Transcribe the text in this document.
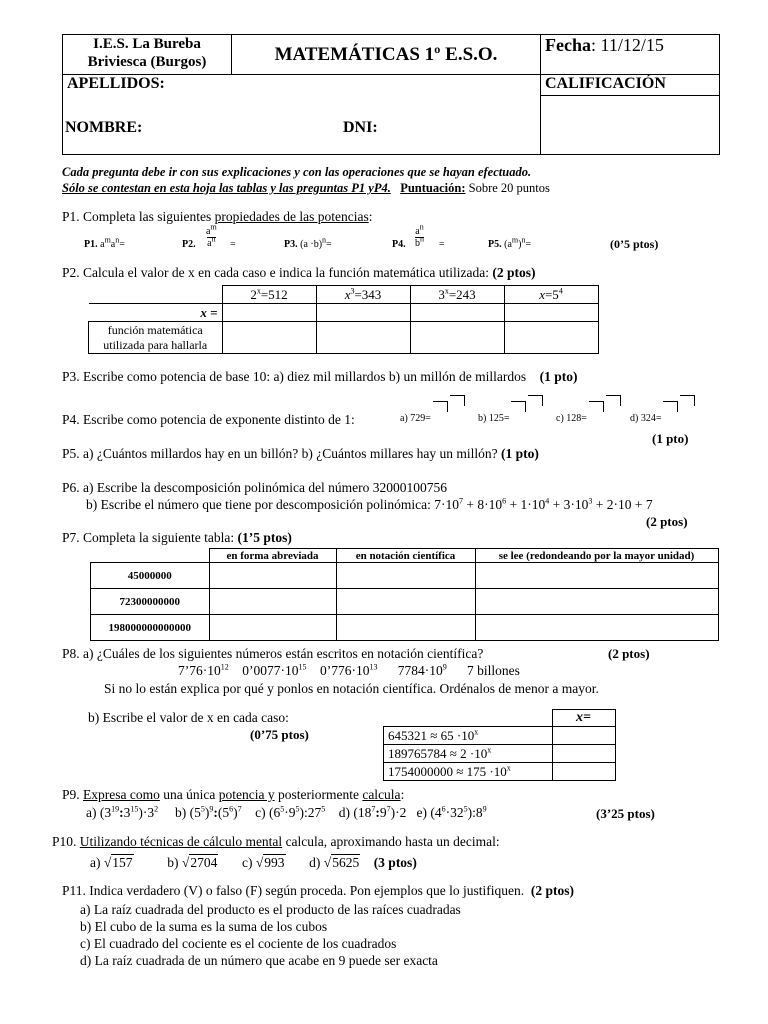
I.E.S. La Bureba
Briviesca (Burgos)	MATEMÁTICAS 1º E.S.O.	Fecha: 11/12/15

APELLIDOS:
NOMBRE: DNI:		CALIFICACIÓN
Cada pregunta debe ir con sus explicaciones y con las operaciones que se hayan efectuado.
Sólo se contestan en esta hoja las tablas y las preguntas P1 yP4. Puntuación: Sobre 20 puntos
P1. Completa las siguientes propiedades de las potencias:
P1. $a^ma^n=$	P2.
$a^m$
$a^n$ =	P3. $(a \cdot b)^n=$	P4.
$a^n$
$b^n$ =	P5. $(a^m)^n=$	(0’5 ptos)
P2. Calcula el valor de x en cada caso e indica la función matemática utilizada: (2 ptos)
	$2^x=512$	$x^3=343$	$3^x=243$	$x=5^4$
x =				

función matemática
utilizada para hallarla				

P3. Escribe como potencia de base 10: a) diez mil millardos b) un millón de millardos (1 pto)
P4. Escribe como potencia de exponente distinto de 1:	a) 729=	b) 125=	c) 128=	d) 324=
(1 pto)
P5. a) ¿Cuántos millardos hay en un billón? b) ¿Cuántos millares hay un millón? (1 pto)
P6. a) Escribe la descomposición polinómica del número 32000100756
b) Escribe el número que tiene por descomposición polinómica: $7\cdot 10^7 + 8\cdot 10^6 + 1\cdot 10^4 + 3\cdot 10^3 + 2\cdot 10 + 7$
(2 ptos)
P7. Completa la siguiente tabla: (1’5 ptos)
	en forma abreviada	en notación científica	se lee (redondeando por la mayor unidad)
45000000			
72300000000			
198000000000000			
P8. a) ¿Cuáles de los siguientes números están escritos en notación científica?	(2 ptos)
$7’76\cdot 10^{12}$    $0’0077\cdot 10^{15}$    $0’776\cdot 10^{13}$      $7784\cdot 10^9$ 7 billones
Si no lo están explica por qué y ponlos en notación científica. Ordénalos de menor a mayor.
b) Escribe el valor de x en cada caso:
(0’75 ptos)
	x=
$645321 \approx 65 \cdot 10^x$	
$189765784 \approx 2 \cdot 10^x$	
$1754000000 \approx 175 \cdot 10^x$	
P9. Expresa como una única potencia y posteriormente calcula:
a) $(3^{19}:3^{15})\cdot 3^2$     b) $(5^5)^9:(5^6)^7$    c) $(6^5\cdot 9^5):27^5$    d) $(18^7:9^7)\cdot 2$   e) $(4^6\cdot 32^5):8^9$	(3’25 ptos)
P10. Utilizando técnicas de cálculo mental calcula, aproximando hasta un decimal:
a) √157	b) √2704 c) √993 d) √5625 (3 ptos)
P11. Indica verdadero (V) o falso (F) según proceda. Pon ejemplos que lo justifiquen. (2 ptos)
a) La raíz cuadrada del producto es el producto de las raíces cuadradas
b) El cubo de la suma es la suma de los cubos
c) El cuadrado del cociente es el cociente de los cuadrados
d) La raíz cuadrada de un número que acabe en 9 puede ser exacta
